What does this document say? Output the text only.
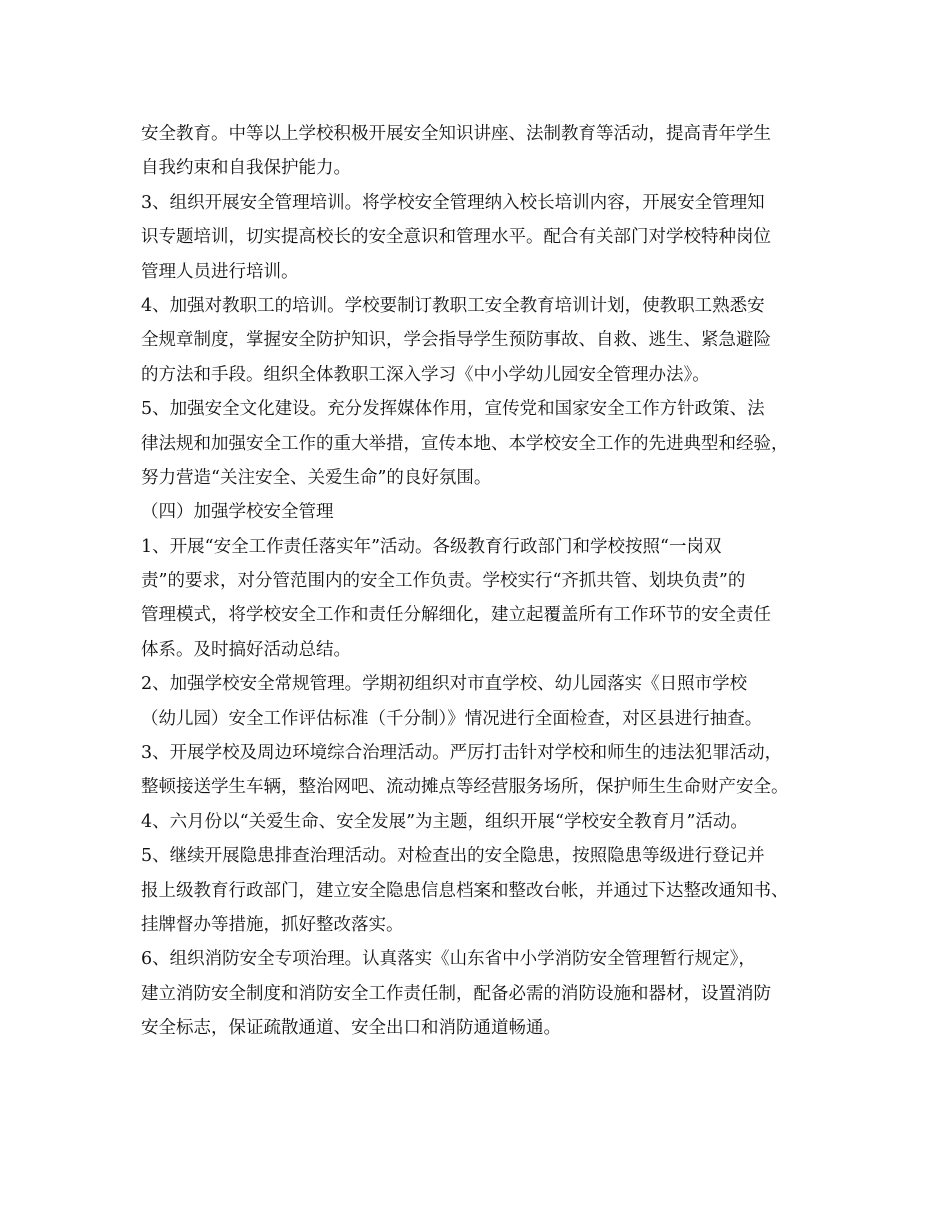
安全教育。中等以上学校积极开展安全知识讲座、法制教育等活动，提高青年学生
自我约束和自我保护能力。
3、组织开展安全管理培训。将学校安全管理纳入校长培训内容，开展安全管理知
识专题培训，切实提高校长的安全意识和管理水平。配合有关部门对学校特种岗位
管理人员进行培训。
4、加强对教职工的培训。学校要制订教职工安全教育培训计划，使教职工熟悉安
全规章制度，掌握安全防护知识，学会指导学生预防事故、自救、逃生、紧急避险
的方法和手段。组织全体教职工深入学习《中小学幼儿园安全管理办法》。
5、加强安全文化建设。充分发挥媒体作用，宣传党和国家安全工作方针政策、法
律法规和加强安全工作的重大举措，宣传本地、本学校安全工作的先进典型和经验，
努力营造“关注安全、关爱生命”的良好氛围。
（四）加强学校安全管理
1、开展“安全工作责任落实年”活动。各级教育行政部门和学校按照“一岗双
责”的要求，对分管范围内的安全工作负责。学校实行“齐抓共管、划块负责”的
管理模式，将学校安全工作和责任分解细化，建立起覆盖所有工作环节的安全责任
体系。及时搞好活动总结。
2、加强学校安全常规管理。学期初组织对市直学校、幼儿园落实《日照市学校
（幼儿园）安全工作评估标准（千分制）》情况进行全面检查，对区县进行抽查。
3、开展学校及周边环境综合治理活动。严厉打击针对学校和师生的违法犯罪活动，
整顿接送学生车辆，整治网吧、流动摊点等经营服务场所，保护师生生命财产安全。
4、六月份以“关爱生命、安全发展”为主题，组织开展“学校安全教育月”活动。
5、继续开展隐患排查治理活动。对检查出的安全隐患，按照隐患等级进行登记并
报上级教育行政部门，建立安全隐患信息档案和整改台帐，并通过下达整改通知书、
挂牌督办等措施，抓好整改落实。
6、组织消防安全专项治理。认真落实《山东省中小学消防安全管理暂行规定》，
建立消防安全制度和消防安全工作责任制，配备必需的消防设施和器材，设置消防
安全标志，保证疏散通道、安全出口和消防通道畅通。
